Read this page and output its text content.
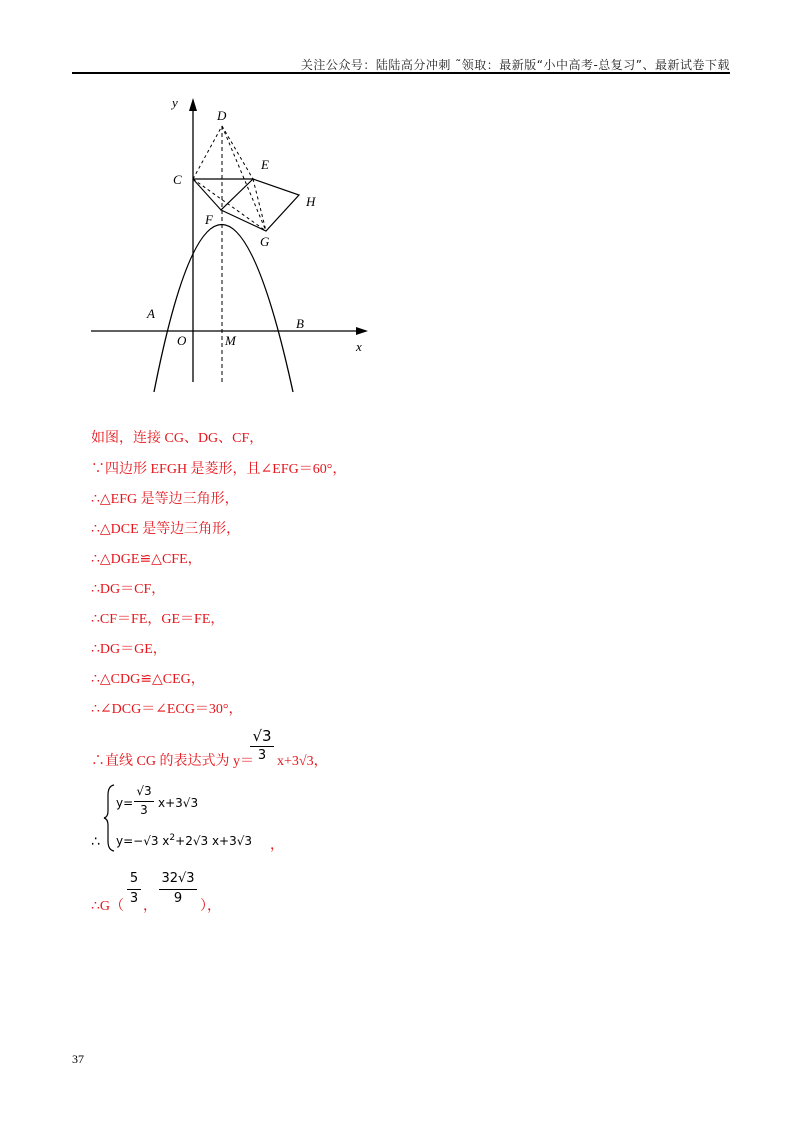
关注公众号：陆陆高分冲刺 ˜领取：最新版“小中高考-总复习”、最新试卷下载
y
x
D
C
E
H
F
G
A
B
O	M
如图，连接 CG、DG、CF，
∵四边形 EFGH 是菱形，且∠EFG＝60°，
∴△EFG 是等边三角形，
∴△DCE 是等边三角形，
∴△DGE≌△CFE，
∴DG＝CF，
∴CF＝FE，GE＝FE，
∴DG＝GE，
∴△CDG≌△CEG，
∴∠DCG＝∠ECG＝30°，
∴直线 CG 的表达式为 y＝
√3
3 x+3√3，
y=
√3
3 x+3√3
∴ y=−√3 $x^2+2√3$ x+3√3 ，
∴G（
5
3
，
32√3
9
），
37
